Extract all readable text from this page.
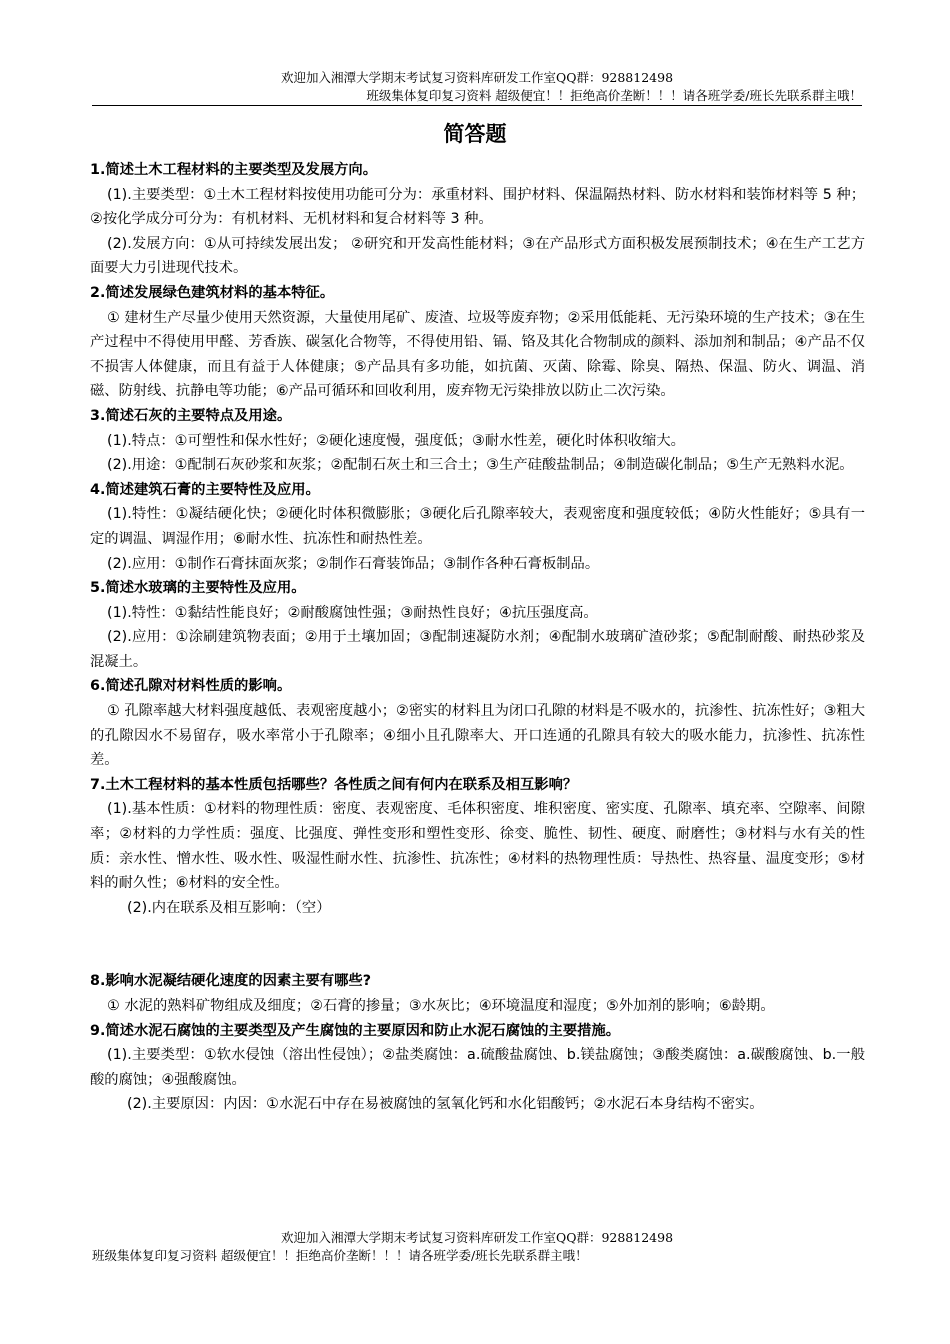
欢迎加入湘潭大学期末考试复习资料库研发工作室QQ群：928812498
班级集体复印复习资料 超级便宜！！拒绝高价垄断！！！请各班学委/班长先联系群主哦！
简答题

1.简述土木工程材料的主要类型及发展方向。

(1).主要类型：①土木工程材料按使用功能可分为：承重材料、围护材料、保温隔热材料、防水材料和装饰材料等 5 种；②按化学成分可分为：有机材料、无机材料和复合材料等 3 种。

(2).发展方向：①从可持续发展出发； ②研究和开发高性能材料；③在产品形式方面积极发展预制技术；④在生产工艺方面要大力引进现代技术。

2.简述发展绿色建筑材料的基本特征。

① 建材生产尽量少使用天然资源，大量使用尾矿、废渣、垃圾等废弃物；②采用低能耗、无污染环境的生产技术；③在生产过程中不得使用甲醛、芳香族、碳氢化合物等，不得使用铅、镉、铬及其化合物制成的颜料、添加剂和制品；④产品不仅不损害人体健康，而且有益于人体健康；⑤产品具有多功能，如抗菌、灭菌、除霉、除臭、隔热、保温、防火、调温、消磁、防射线、抗静电等功能；⑥产品可循环和回收利用，废弃物无污染排放以防止二次污染。

3.简述石灰的主要特点及用途。

(1).特点：①可塑性和保水性好；②硬化速度慢，强度低；③耐水性差，硬化时体积收缩大。

(2).用途：①配制石灰砂浆和灰浆；②配制石灰土和三合土；③生产硅酸盐制品；④制造碳化制品；⑤生产无熟料水泥。

4.简述建筑石膏的主要特性及应用。

(1).特性：①凝结硬化快；②硬化时体积微膨胀；③硬化后孔隙率较大，表观密度和强度较低；④防火性能好；⑤具有一定的调温、调湿作用；⑥耐水性、抗冻性和耐热性差。

(2).应用：①制作石膏抹面灰浆；②制作石膏装饰品；③制作各种石膏板制品。

5.简述水玻璃的主要特性及应用。

(1).特性：①黏结性能良好；②耐酸腐蚀性强；③耐热性良好；④抗压强度高。

(2).应用：①涂刷建筑物表面；②用于土壤加固；③配制速凝防水剂；④配制水玻璃矿渣砂浆；⑤配制耐酸、耐热砂浆及混凝土。

6.简述孔隙对材料性质的影响。

① 孔隙率越大材料强度越低、表观密度越小；②密实的材料且为闭口孔隙的材料是不吸水的，抗渗性、抗冻性好；③粗大的孔隙因水不易留存，吸水率常小于孔隙率；④细小且孔隙率大、开口连通的孔隙具有较大的吸水能力，抗渗性、抗冻性差。

7.土木工程材料的基本性质包括哪些？各性质之间有何内在联系及相互影响？

(1).基本性质：①材料的物理性质：密度、表观密度、毛体积密度、堆积密度、密实度、孔隙率、填充率、空隙率、间隙率；②材料的力学性质：强度、比强度、弹性变形和塑性变形、徐变、脆性、韧性、硬度、耐磨性；③材料与水有关的性质：亲水性、憎水性、吸水性、吸湿性耐水性、抗渗性、抗冻性；④材料的热物理性质：导热性、热容量、温度变形；⑤材料的耐久性；⑥材料的安全性。

(2).内在联系及相互影响：（空）

8.影响水泥凝结硬化速度的因素主要有哪些?

① 水泥的熟料矿物组成及细度；②石膏的掺量；③水灰比；④环境温度和湿度；⑤外加剂的影响；⑥龄期。

9.简述水泥石腐蚀的主要类型及产生腐蚀的主要原因和防止水泥石腐蚀的主要措施。

(1).主要类型：①软水侵蚀（溶出性侵蚀）；②盐类腐蚀：a.硫酸盐腐蚀、b.镁盐腐蚀；③酸类腐蚀：a.碳酸腐蚀、b.一般酸的腐蚀；④强酸腐蚀。

(2).主要原因：内因：①水泥石中存在易被腐蚀的氢氧化钙和水化铝酸钙；②水泥石本身结构不密实。

欢迎加入湘潭大学期末考试复习资料库研发工作室QQ群：928812498
班级集体复印复习资料 超级便宜！！拒绝高价垄断！！！请各班学委/班长先联系群主哦！
